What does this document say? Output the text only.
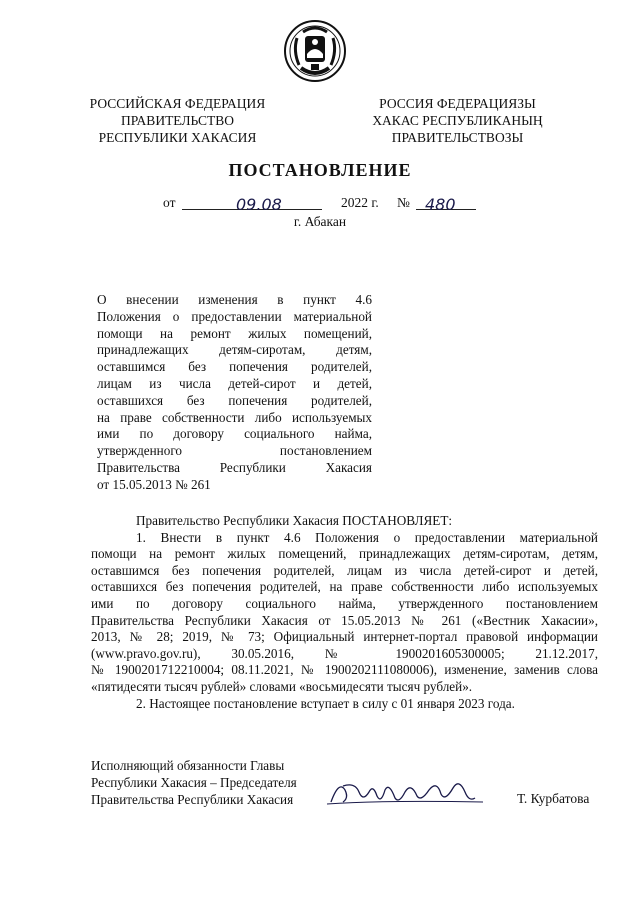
РОССИЙСКАЯ ФЕДЕРАЦИЯ
ПРАВИТЕЛЬСТВО
РЕСПУБЛИКИ ХАКАСИЯ
РОССИЯ ФЕДЕРАЦИЯЗЫ
ХАКАС РЕСПУБЛИКАНЫҢ
ПРАВИТЕЛЬСТВОЗЫ
ПОСТАНОВЛЕНИЕ
от	09.08	2022 г. № 480
г. Абакан
О внесении изменения в пункт 4.6
Положения о предоставлении материальной
помощи на ремонт жилых помещений,
принадлежащих детям-сиротам, детям,
оставшимся без попечения родителей,
лицам из числа детей-сирот и детей,
оставшихся без попечения родителей,
на праве собственности либо используемых
ими по договору социального найма,
утвержденного постановлением
Правительства Республики Хакасия
от 15.05.2013 № 261
Правительство Республики Хакасия ПОСТАНОВЛЯЕТ:
1. Внести в пункт 4.6 Положения о предоставлении материальной
помощи на ремонт жилых помещений, принадлежащих детям-сиротам, детям,
оставшимся без попечения родителей, лицам из числа детей-сирот и детей,
оставшихся без попечения родителей, на праве собственности либо используемых
ими по договору социального найма, утвержденного постановлением
Правительства Республики Хакасия от 15.05.2013 № 261 («Вестник Хакасии»,
2013, № 28; 2019, № 73; Официальный интернет-портал правовой информации
(www.pravo.gov.ru), 30.05.2016, № 1900201605300005; 21.12.2017,
№ 1900201712210004; 08.11.2021, № 1900202111080006), изменение, заменив слова
«пятидесяти тысяч рублей» словами «восьмидесяти тысяч рублей».
2. Настоящее постановление вступает в силу с 01 января 2023 года.
Исполняющий обязанности Главы
Республики Хакасия – Председателя
Правительства Республики Хакасия	Т. Курбатова
